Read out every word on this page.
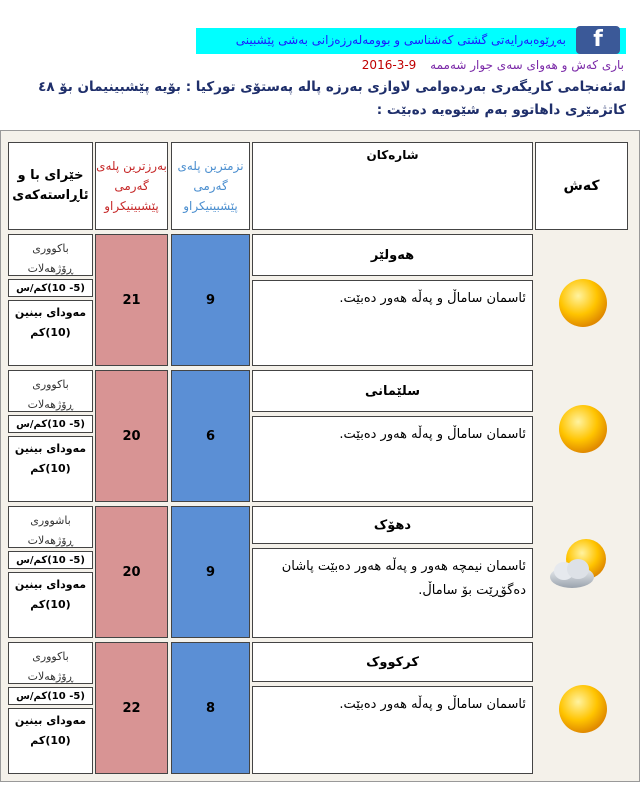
f
بەڕێوەبەرایەتی گشتی کەشناسی و بوومەلەرزەزانی بەشی پێشبینی
باری کەش و هەوای سەی جوار شەممە 9-3-2016
لەئەنجامی کاریگەری بەردەوامی لاوازی بەرزە پالە پەستۆی تورکیا : بۆیە پێشبینیمان بۆ ٤٨ کاتژمێری داهاتوو بەم شێوەیە دەبێت :
کەش
شارەکان
نزمترین پلەی گەرمی پێشبینیکراو
بەرزترین پلەی گەرمی پێشبینیکراو
خێرای با و ئاڕاستەکەی
هەولێر
ئاسمان ساماڵ و پەڵە هەور دەبێت.
9
21
باکووری ڕۆژهەلات
(5- 10)کم/س
مەودای بینین (10)کم
سلێمانی
ئاسمان ساماڵ و پەڵە هەور دەبێت.
6
20
باکووری ڕۆژهەلات
(5- 10)کم/س
مەودای بینین (10)کم
دهۆک
ئاسمان نیمچە هەور و پەڵە هەور دەبێت پاشان دەگۆڕێت بۆ ساماڵ.
9
20
باشووری ڕۆژهەلات
(5- 10)کم/س
مەودای بینین (10)کم
کرکووک
ئاسمان ساماڵ و پەڵە هەور دەبێت.
8
22
باکووری ڕۆژهەلات
(5- 10)کم/س
مەودای بینین (10)کم
